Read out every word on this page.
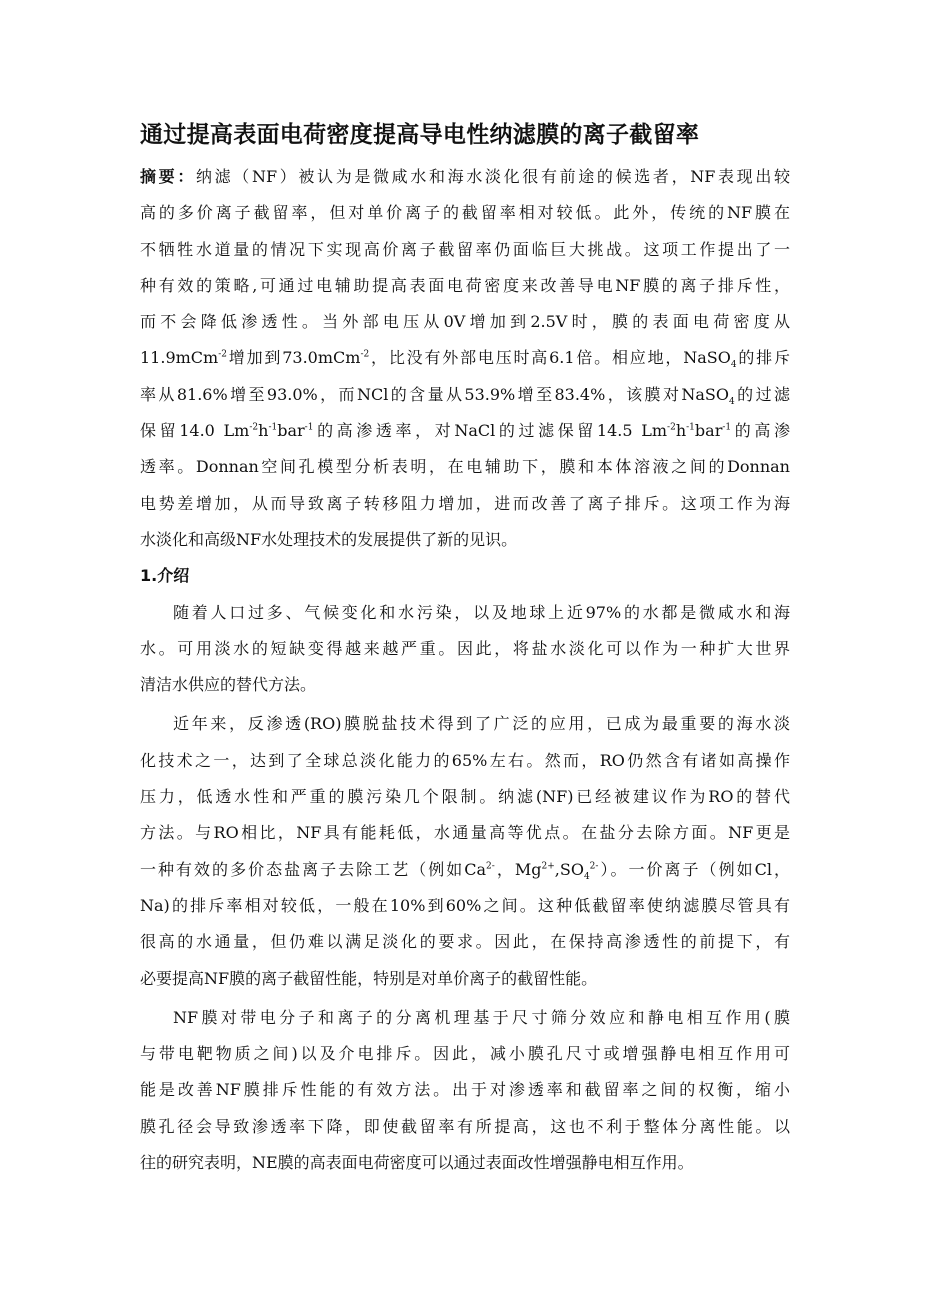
通过提高表面电荷密度提高导电性纳滤膜的离子截留率

摘要：纳滤（NF）被认为是微咸水和海水淡化很有前途的候选者，NF表现出较
高的多价离子截留率，但对单价离子的截留率相对较低。此外，传统的NF膜在
不牺牲水道量的情况下实现高价离子截留率仍面临巨大挑战。这项工作提出了一
种有效的策略,可通过电辅助提高表面电荷密度来改善导电NF膜的离子排斥性，
而不会降低渗透性。当外部电压从0V增加到2.5V时，膜的表面电荷密度从
11.9mCm$^{-2}$增加到73.0mCm$^{-2}$，比没有外部电压时高6.1倍。相应地，NaSO$_4$的排斥
率从81.6%增至93.0%，而NCl的含量从53.9%增至83.4%，该膜对NaSO$_4$的过滤
保留14.0 $Lm^{-2}h^{-1}bar^{-1}$的高渗透率，对NaCl的过滤保留14.5 $Lm^{-2}h^{-1}bar^{-1}$的高渗
透率。Donnan空间孔模型分析表明，在电辅助下，膜和本体溶液之间的Donnan
电势差增加，从而导致离子转移阻力增加，进而改善了离子排斥。这项工作为海
水淡化和高级NF水处理技术的发展提供了新的见识。

1.介绍

随着人口过多、气候变化和水污染，以及地球上近97%的水都是微咸水和海
水。可用淡水的短缺变得越来越严重。因此，将盐水淡化可以作为一种扩大世界
清洁水供应的替代方法。

近年来，反渗透(RO)膜脱盐技术得到了广泛的应用，已成为最重要的海水淡
化技术之一，达到了全球总淡化能力的65%左右。然而，RO仍然含有诸如高操作
压力，低透水性和严重的膜污染几个限制。纳滤(NF)已经被建议作为RO的替代
方法。与RO相比，NF具有能耗低，水通量高等优点。在盐分去除方面。NF更是
一种有效的多价态盐离子去除工艺（例如$Ca^{2-}$，$Mg^{2+},SO_4^{2-}$）。一价离子（例如Cl，
Na)的排斥率相对较低，一般在10%到60%之间。这种低截留率使纳滤膜尽管具有
很高的水通量，但仍难以满足淡化的要求。因此，在保持高渗透性的前提下，有
必要提高NF膜的离子截留性能，特别是对单价离子的截留性能。

NF膜对带电分子和离子的分离机理基于尺寸筛分效应和静电相互作用(膜
与带电靶物质之间)以及介电排斥。因此，减小膜孔尺寸或增强静电相互作用可
能是改善NF膜排斥性能的有效方法。出于对渗透率和截留率之间的权衡，缩小
膜孔径会导致渗透率下降，即使截留率有所提高，这也不利于整体分离性能。以
往的研究表明，NE膜的高表面电荷密度可以通过表面改性增强静电相互作用。
